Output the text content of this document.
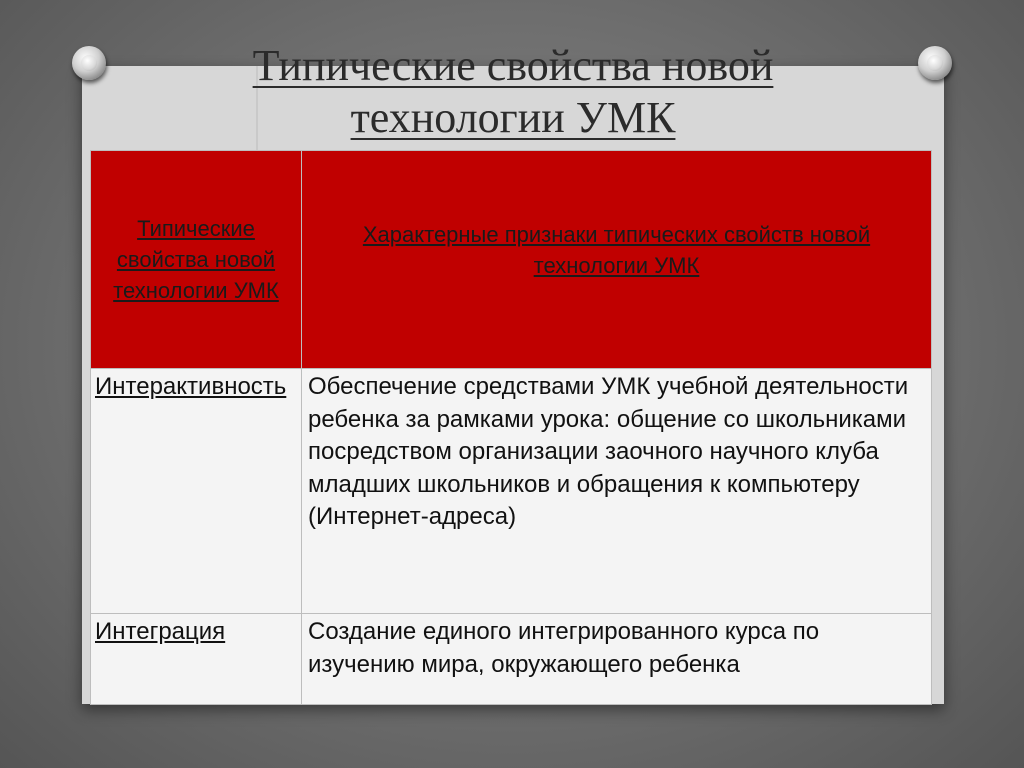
Типические свойства новой
технологии УМК
Типические свойства новой технологии УМК	Характерные признаки типических свойств новой технологии УМК
Интерактивность	Обеспечение средствами УМК учебной деятельности ребенка за рамками урока: общение со школьниками посредством организации заочного научного клуба младших школьников и обращения к компьютеру (Интернет-адреса)
Интеграция	Создание единого интегрированного курса по изучению мира, окружающего ребенка
